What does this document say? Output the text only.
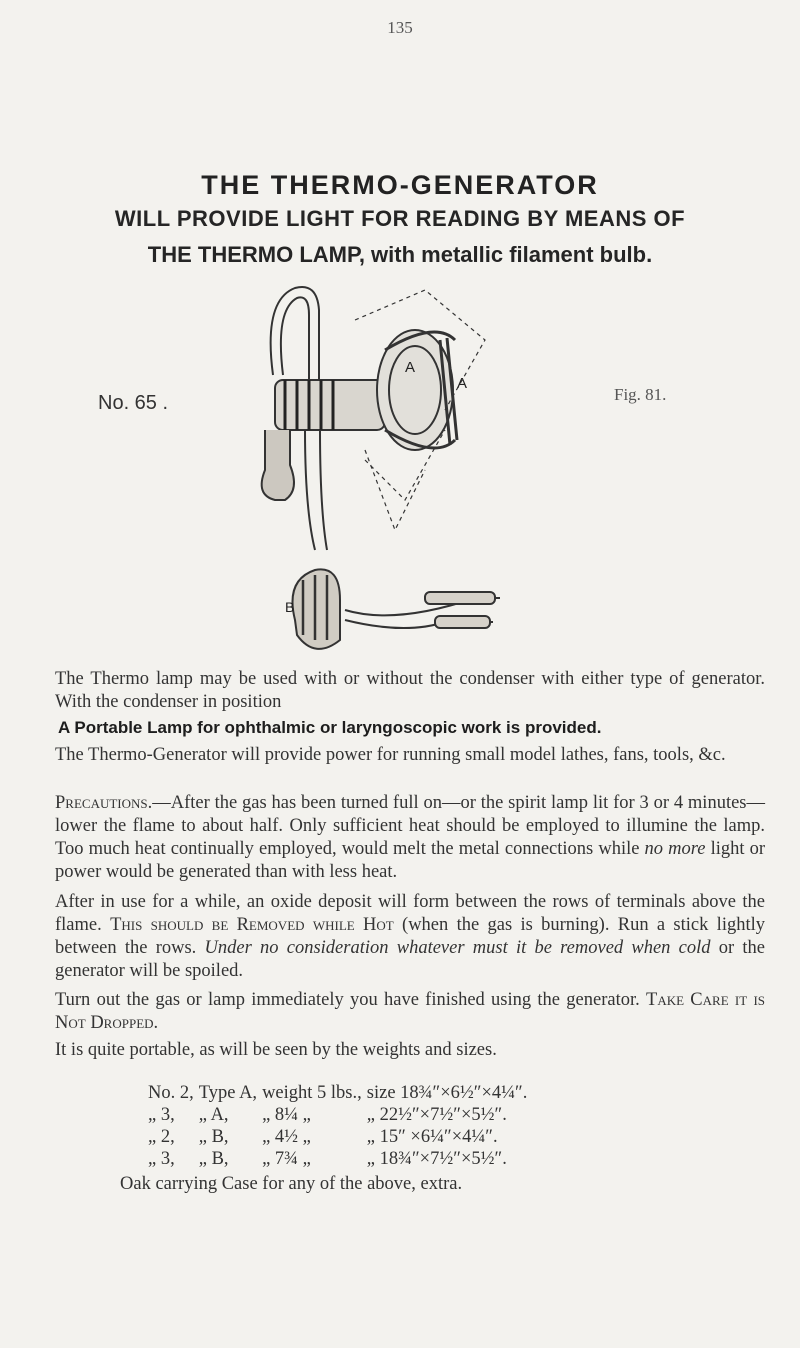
135
THE THERMO-GENERATOR
WILL PROVIDE LIGHT FOR READING BY MEANS OF
THE THERMO LAMP, with metallic filament bulb.
No. 65 .	Fig. 81.
A
A
B
The Thermo lamp may be used with or without the condenser with either type of generator. With the condenser in position
A Portable Lamp for ophthalmic or laryngoscopic work is provided.
The Thermo-Generator will provide power for running small model lathes, fans, tools, &c.
Precautions.—After the gas has been turned full on—or the spirit lamp lit for 3 or 4 minutes—lower the flame to about half. Only sufficient heat should be employed to illumine the lamp. Too much heat continually employed, would melt the metal connections while no more light or power would be generated than with less heat.
After in use for a while, an oxide deposit will form between the rows of terminals above the flame. This should be Removed while Hot (when the gas is burning). Run a stick lightly between the rows. Under no consideration whatever must it be removed when cold or the generator will be spoiled.
Turn out the gas or lamp immediately you have finished using the generator. Take Care it is Not Dropped.
It is quite portable, as will be seen by the weights and sizes.
No. 2,	Type A,	weight 5 lbs.,	size 18¾″×6½″×4¼″.
„ 3,	„ A,	„ 8¼ „	„ 22½″×7½″×5½″.
„ 2,	„ B,	„ 4½ „	„ 15″ ×6¼″×4¼″.
„ 3,	„ B,	„ 7¾ „	„ 18¾″×7½″×5½″.
Oak carrying Case for any of the above, extra.
